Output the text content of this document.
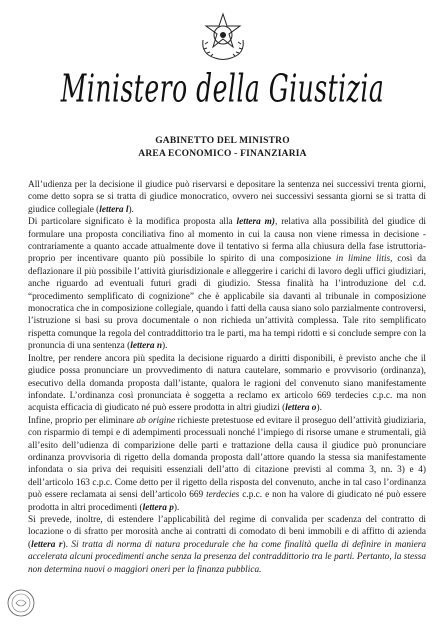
Ministero della Giustizia
GABINETTO DEL MINISTRO
AREA ECONOMICO - FINANZIARIA

All’udienza per la decisione il giudice può riservarsi e depositare la sentenza nei successivi trenta giorni, come detto sopra se si tratta di giudice monocratico, ovvero nei successivi sessanta giorni se si tratta di giudice collegiale (lettera l).

Di particolare significato è la modifica proposta alla lettera m), relativa alla possibilità del giudice di formulare una proposta conciliativa fino al momento in cui la causa non viene rimessa in decisione - contrariamente a quanto accade attualmente dove il tentativo si ferma alla chiusura della fase istruttoria- proprio per incentivare quanto più possibile lo spirito di una composizione in limine litis, così da deflazionare il più possibile l’attività giurisdizionale e alleggerire i carichi di lavoro degli uffici giudiziari, anche riguardo ad eventuali futuri gradi di giudizio. Stessa finalità ha l’introduzione del c.d. “procedimento semplificato di cognizione” che è applicabile sia davanti al tribunale in composizione monocratica che in composizione collegiale, quando i fatti della causa siano solo parzialmente controversi, l’istruzione si basi su prova documentale o non richieda un’attività complessa. Tale rito semplificato rispetta comunque la regola del contraddittorio tra le parti, ma ha tempi ridotti e si conclude sempre con la pronuncia di una sentenza (lettera n).

Inoltre, per rendere ancora più spedita la decisione riguardo a diritti disponibili, è previsto anche che il giudice possa pronunciare un provvedimento di natura cautelare, sommario e provvisorio (ordinanza), esecutivo della domanda proposta dall’istante, qualora le ragioni del convenuto siano manifestamente infondate. L’ordinanza così pronunciata è soggetta a reclamo ex articolo 669 terdecies c.p.c. ma non acquista efficacia di giudicato né può essere prodotta in altri giudizi (lettera o).

Infine, proprio per eliminare ab origine richieste pretestuose ed evitare il proseguo dell’attività giudiziaria, con risparmio di tempi e di adempimenti processuali nonché l’impiego di risorse umane e strumentali, già all’esito dell’udienza di comparizione delle parti e trattazione della causa il giudice può pronunciare ordinanza provvisoria di rigetto della domanda proposta dall’attore quando la stessa sia manifestamente infondata o sia priva dei requisiti essenziali dell’atto di citazione previsti al comma 3, nn. 3) e 4) dell’articolo 163 c.p.c. Come detto per il rigetto della risposta del convenuto, anche in tal caso l’ordinanza può essere reclamata ai sensi dell’articolo 669 terdecies c.p.c. e non ha valore di giudicato né può essere prodotta in altri procedimenti (lettera p).

Si prevede, inoltre, di estendere l’applicabilità del regime di convalida per scadenza del contratto di locazione o di sfratto per morosità anche ai contratti di comodato di beni immobili e di affitto di azienda (lettera r). Si tratta di norma di natura procedurale che ha come finalità quella di definire in maniera accelerata alcuni procedimenti anche senza la presenza del contraddittorio tra le parti. Pertanto, la stessa non determina nuovi o maggiori oneri per la finanza pubblica.
